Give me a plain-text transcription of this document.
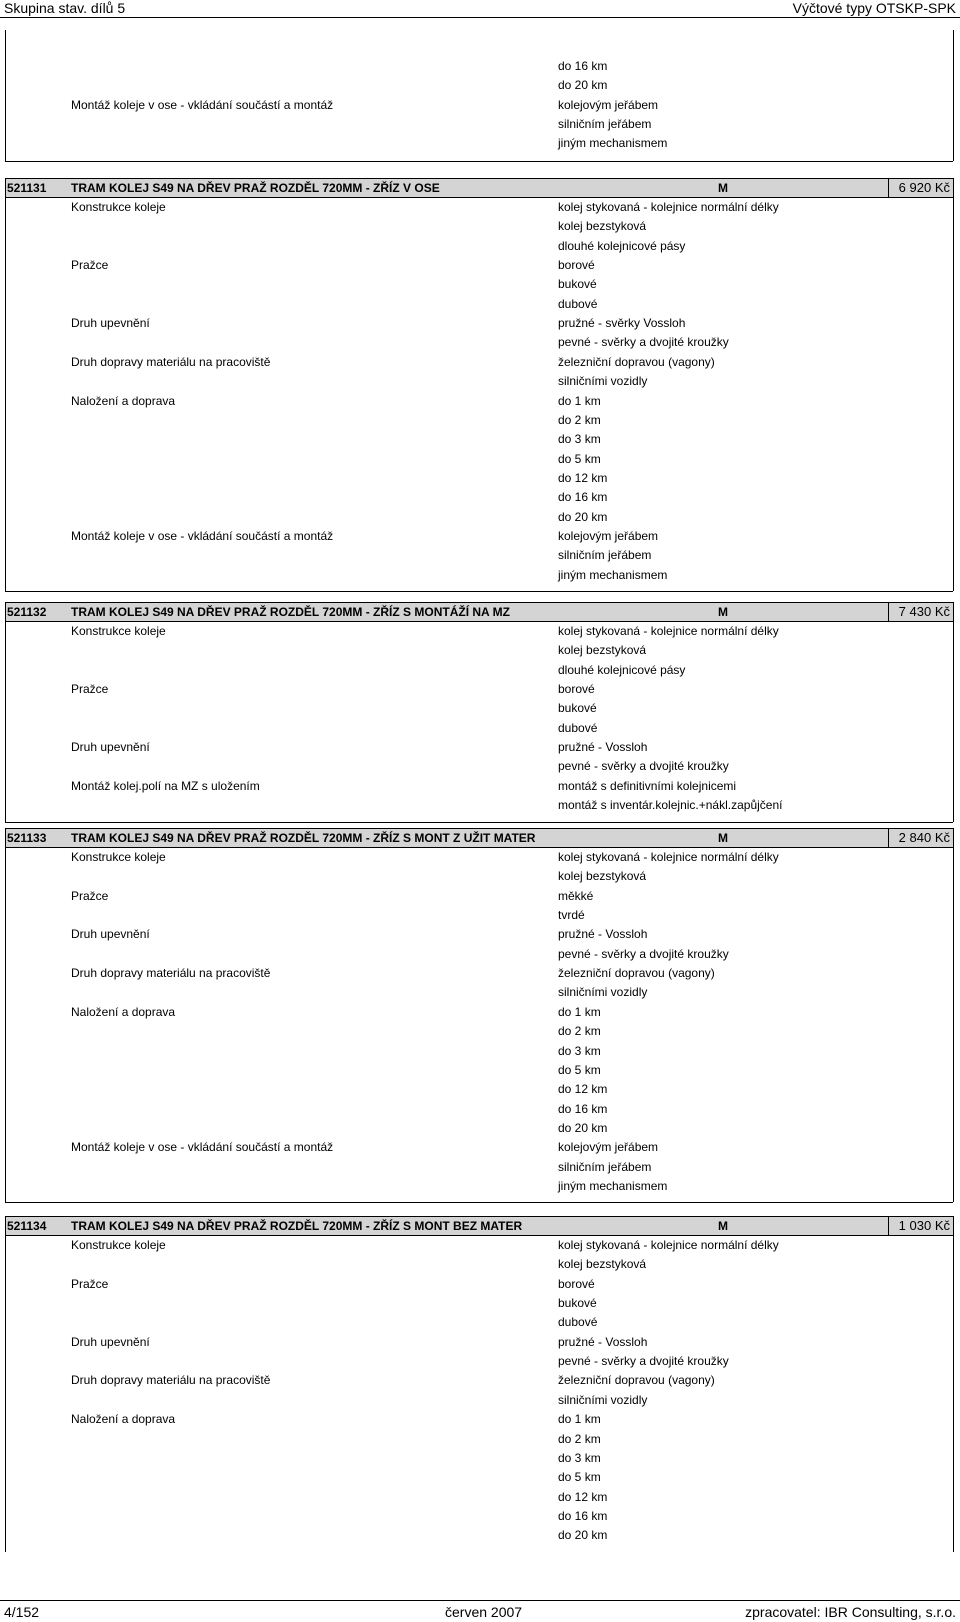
Skupina stav. dílů 5	Výčtové typy OTSKP-SPK
do 16 km
do 20 km
Montáž koleje v ose - vkládání součástí a montáž	kolejovým jeřábem
silničním jeřábem
jiným mechanismem
521131 TRAM KOLEJ S49 NA DŘEV PRAŽ ROZDĚL 720MM - ZŘÍZ V OSE	M	6 920 Kč
Konstrukce koleje	kolej stykovaná - kolejnice normální délky
kolej bezstyková
dlouhé kolejnicové pásy
Pražce	borové
bukové
dubové
Druh upevnění	pružné - svěrky Vossloh
pevné - svěrky a dvojité kroužky
Druh dopravy materiálu na pracoviště	železniční dopravou (vagony)
silničními vozidly
Naložení a doprava	do 1 km
do 2 km
do 3 km
do 5 km
do 12 km
do 16 km
do 20 km
Montáž koleje v ose - vkládání součástí a montáž	kolejovým jeřábem
silničním jeřábem
jiným mechanismem
521132 TRAM KOLEJ S49 NA DŘEV PRAŽ ROZDĚL 720MM - ZŘÍZ S MONTÁŽÍ NA MZ	M	7 430 Kč
Konstrukce koleje	kolej stykovaná - kolejnice normální délky
kolej bezstyková
dlouhé kolejnicové pásy
Pražce	borové
bukové
dubové
Druh upevnění	pružné - Vossloh
pevné - svěrky a dvojité kroužky
Montáž kolej.polí na MZ s uložením	montáž s definitivními kolejnicemi
montáž s inventár.kolejnic.+nákl.zapůjčení
521133 TRAM KOLEJ S49 NA DŘEV PRAŽ ROZDĚL 720MM - ZŘÍZ S MONT Z UŽIT MATER	M	2 840 Kč
Konstrukce koleje	kolej stykovaná - kolejnice normální délky
kolej bezstyková
Pražce	měkké
tvrdé
Druh upevnění	pružné - Vossloh
pevné - svěrky a dvojité kroužky
Druh dopravy materiálu na pracoviště	železniční dopravou (vagony)
silničními vozidly
Naložení a doprava	do 1 km
do 2 km
do 3 km
do 5 km
do 12 km
do 16 km
do 20 km
Montáž koleje v ose - vkládání součástí a montáž	kolejovým jeřábem
silničním jeřábem
jiným mechanismem
521134 TRAM KOLEJ S49 NA DŘEV PRAŽ ROZDĚL 720MM - ZŘÍZ S MONT BEZ MATER	M	1 030 Kč
Konstrukce koleje	kolej stykovaná - kolejnice normální délky
kolej bezstyková
Pražce	borové
bukové
dubové
Druh upevnění	pružné - Vossloh
pevné - svěrky a dvojité kroužky
Druh dopravy materiálu na pracoviště	železniční dopravou (vagony)
silničními vozidly
Naložení a doprava	do 1 km
do 2 km
do 3 km
do 5 km
do 12 km
do 16 km
do 20 km
4/152	červen 2007	zpracovatel: IBR Consulting, s.r.o.
